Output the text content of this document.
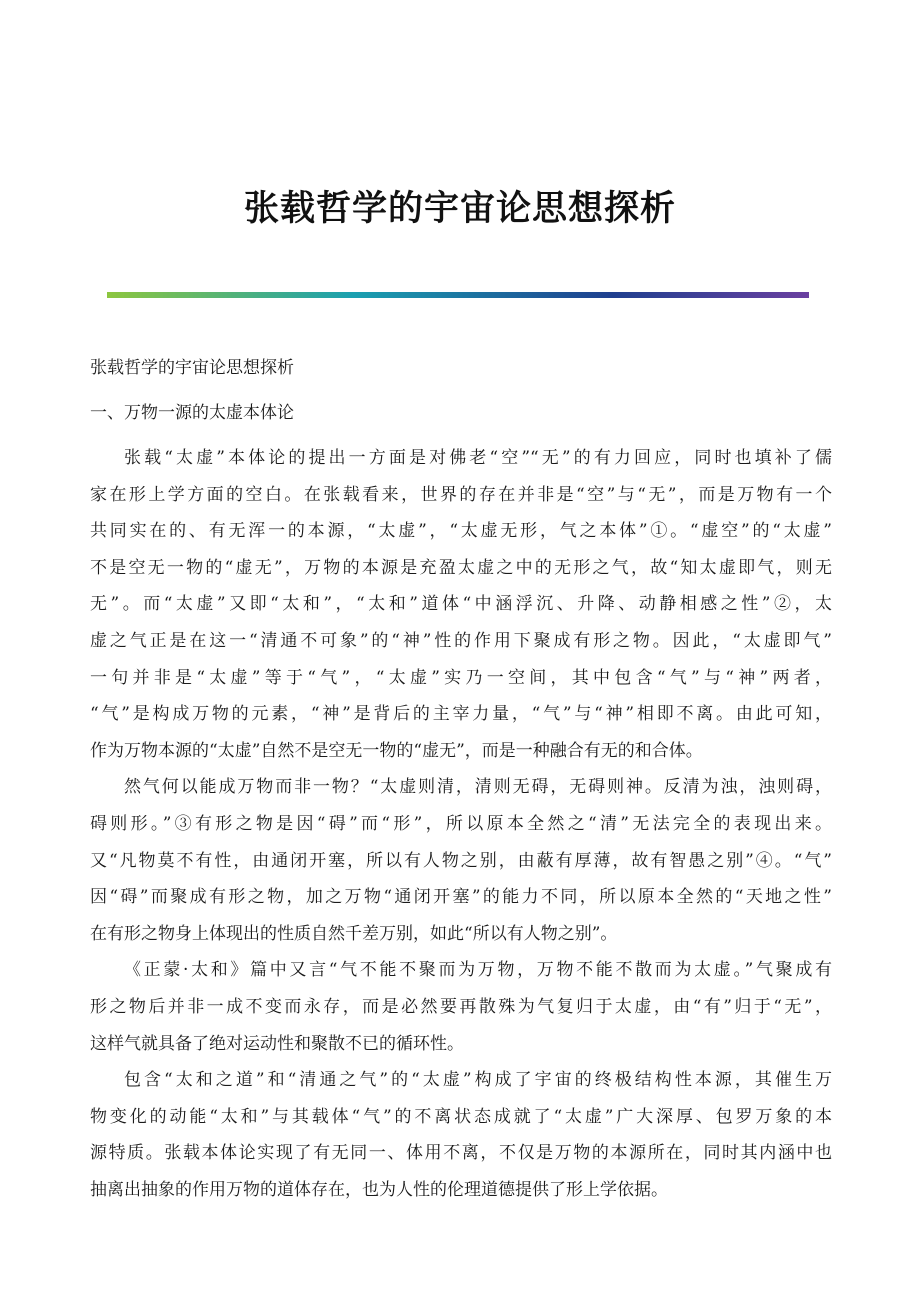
张载哲学的宇宙论思想探析

张载哲学的宇宙论思想探析

一、万物一源的太虚本体论

张载“太虚”本体论的提出一方面是对佛老“空”“无”的有力回应，同时也填补了儒

家在形上学方面的空白。在张载看来，世界的存在并非是“空”与“无”，而是万物有一个

共同实在的、有无浑一的本源，“太虚”，“太虚无形，气之本体”①。“虚空”的“太虚”

不是空无一物的“虚无”，万物的本源是充盈太虚之中的无形之气，故“知太虚即气，则无

无”。而“太虚”又即“太和”，“太和”道体“中涵浮沉、升降、动静相感之性”②，太

虚之气正是在这一“清通不可象”的“神”性的作用下聚成有形之物。因此，“太虚即气”

一句并非是“太虚”等于“气”，“太虚”实乃一空间，其中包含“气”与“神”两者，

“气”是构成万物的元素，“神”是背后的主宰力量，“气”与“神”相即不离。由此可知，

作为万物本源的“太虚”自然不是空无一物的“虚无”，而是一种融合有无的和合体。

然气何以能成万物而非一物？“太虚则清，清则无碍，无碍则神。反清为浊，浊则碍，

碍则形。”③有形之物是因“碍”而“形”，所以原本全然之“清”无法完全的表现出来。

又“凡物莫不有性，由通闭开塞，所以有人物之别，由蔽有厚薄，故有智愚之别”④。“气”

因“碍”而聚成有形之物，加之万物“通闭开塞”的能力不同，所以原本全然的“天地之性”

在有形之物身上体现出的性质自然千差万别，如此“所以有人物之别”。

《正蒙·太和》篇中又言“气不能不聚而为万物，万物不能不散而为太虚。”气聚成有

形之物后并非一成不变而永存，而是必然要再散殊为气复归于太虚，由“有”归于“无”，

这样气就具备了绝对运动性和聚散不已的循环性。

包含“太和之道”和“清通之气”的“太虚”构成了宇宙的终极结构性本源，其催生万

物变化的动能“太和”与其载体“气”的不离状态成就了“太虚”广大深厚、包罗万象的本

源特质。张载本体论实现了有无同一、体用不离，不仅是万物的本源所在，同时其内涵中也

抽离出抽象的作用万物的道体存在，也为人性的伦理道德提供了形上学依据。
